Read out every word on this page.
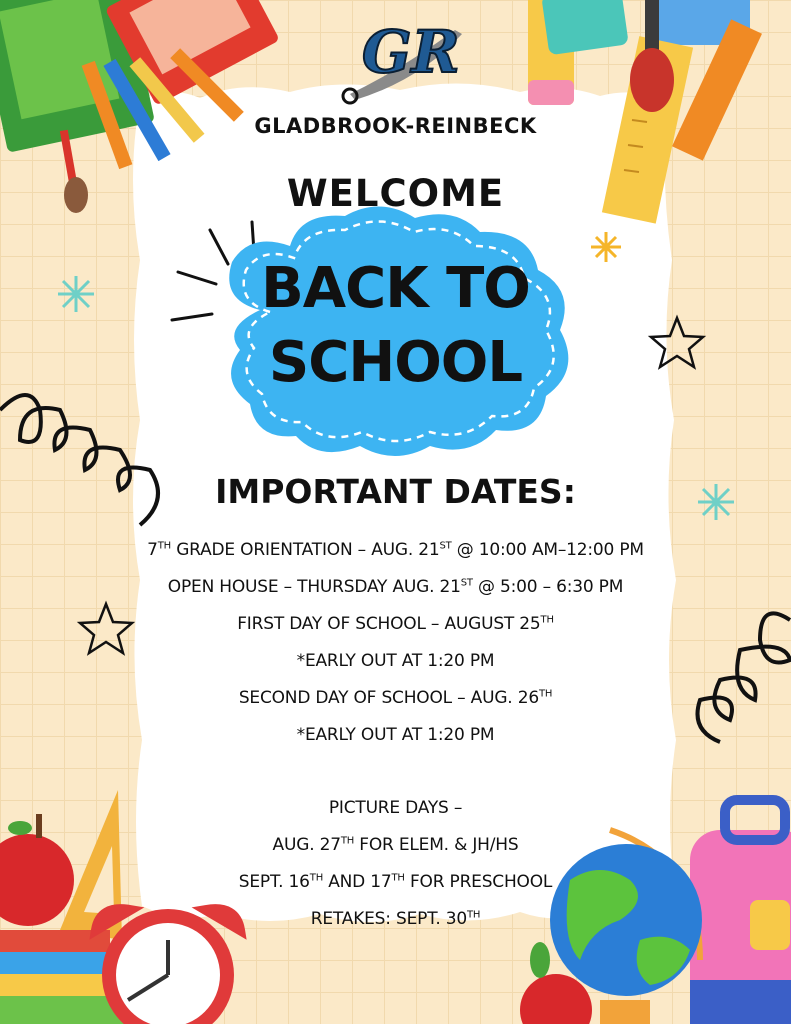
GR

GLADBROOK-REINBECK

WELCOME

BACK TO

SCHOOL

IMPORTANT DATES:

7TH GRADE ORIENTATION – AUG. 21ST @ 10:00 AM–12:00 PM

OPEN HOUSE – THURSDAY AUG. 21ST @ 5:00 – 6:30 PM

FIRST DAY OF SCHOOL – AUGUST 25TH

*EARLY OUT AT 1:20 PM

SECOND DAY OF SCHOOL – AUG. 26TH

*EARLY OUT AT 1:20 PM

PICTURE DAYS –

AUG. 27TH FOR ELEM. & JH/HS

SEPT. 16TH AND 17TH FOR PRESCHOOL

RETAKES: SEPT. 30TH
